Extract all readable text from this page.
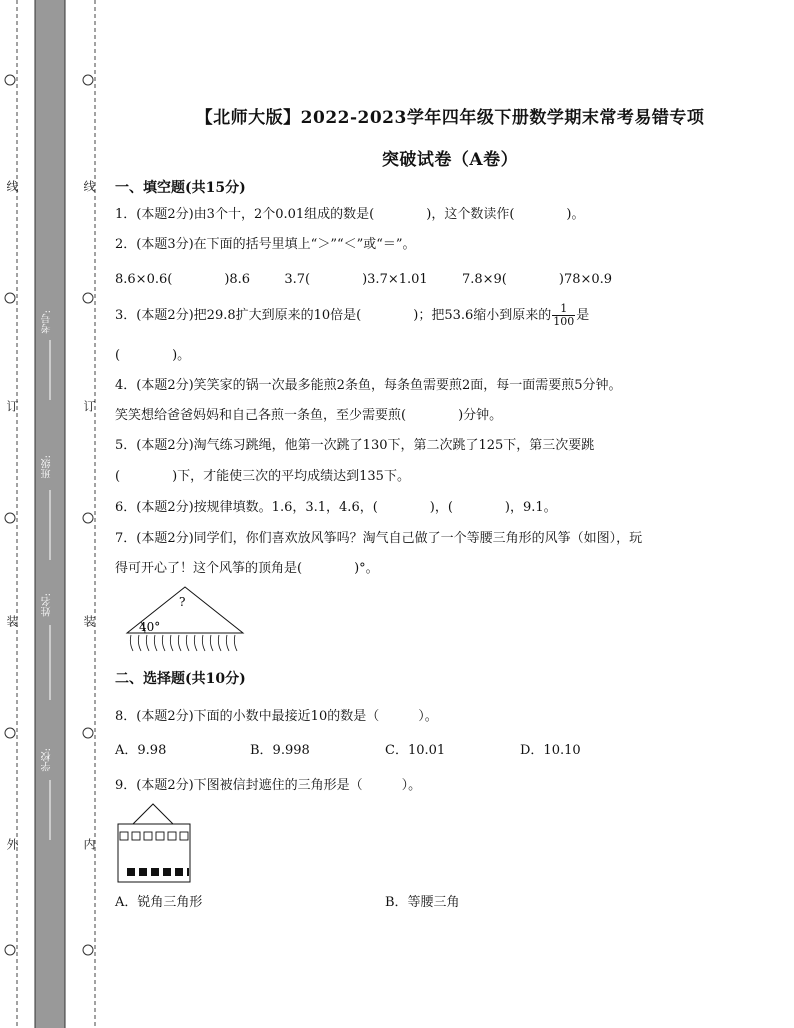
线
订
装
外
线
订
装
内
考号:
班级:
姓名:
学校:
【北师大版】2022-2023学年四年级下册数学期末常考易错专项
突破试卷（A卷）
一、填空题(共15分)
1．(本题2分)由3个十，2个0.01组成的数是(　　　　)，这个数读作(　　　　)。
2．(本题3分)在下面的括号里填上“＞”“＜”或“＝”。
8.6×0.6(　　　　)8.6	3.7(　　　　)3.7×1.01	7.8×9(　　　　)78×0.9
3．(本题2分)把29.8扩大到原来的10倍是(　　　　)；把53.6缩小到原来的 $\frac{1}{100}$ 是
(　　　　)。
4．(本题2分)笑笑家的锅一次最多能煎2条鱼，每条鱼需要煎2面，每一面需要煎5分钟。
笑笑想给爸爸妈妈和自己各煎一条鱼，至少需要煎(　　　　)分钟。
5．(本题2分)淘气练习跳绳，他第一次跳了130下，第二次跳了125下，第三次要跳
(　　　　)下，才能使三次的平均成绩达到135下。
6．(本题2分)按规律填数。1.6，3.1，4.6，(　　　　)，(　　　　)，9.1。
7．(本题2分)同学们，你们喜欢放风筝吗？淘气自己做了一个等腰三角形的风筝（如图），玩
得可开心了！这个风筝的顶角是(　　　　)°。
?
40°
二、选择题(共10分)
8．(本题2分)下面的小数中最接近10的数是（　　　）。
A．9.98	B．9.998	C．10.01	D．10.10
9．(本题2分)下图被信封遮住的三角形是（　　　）。
A．锐角三角形	B．等腰三角
